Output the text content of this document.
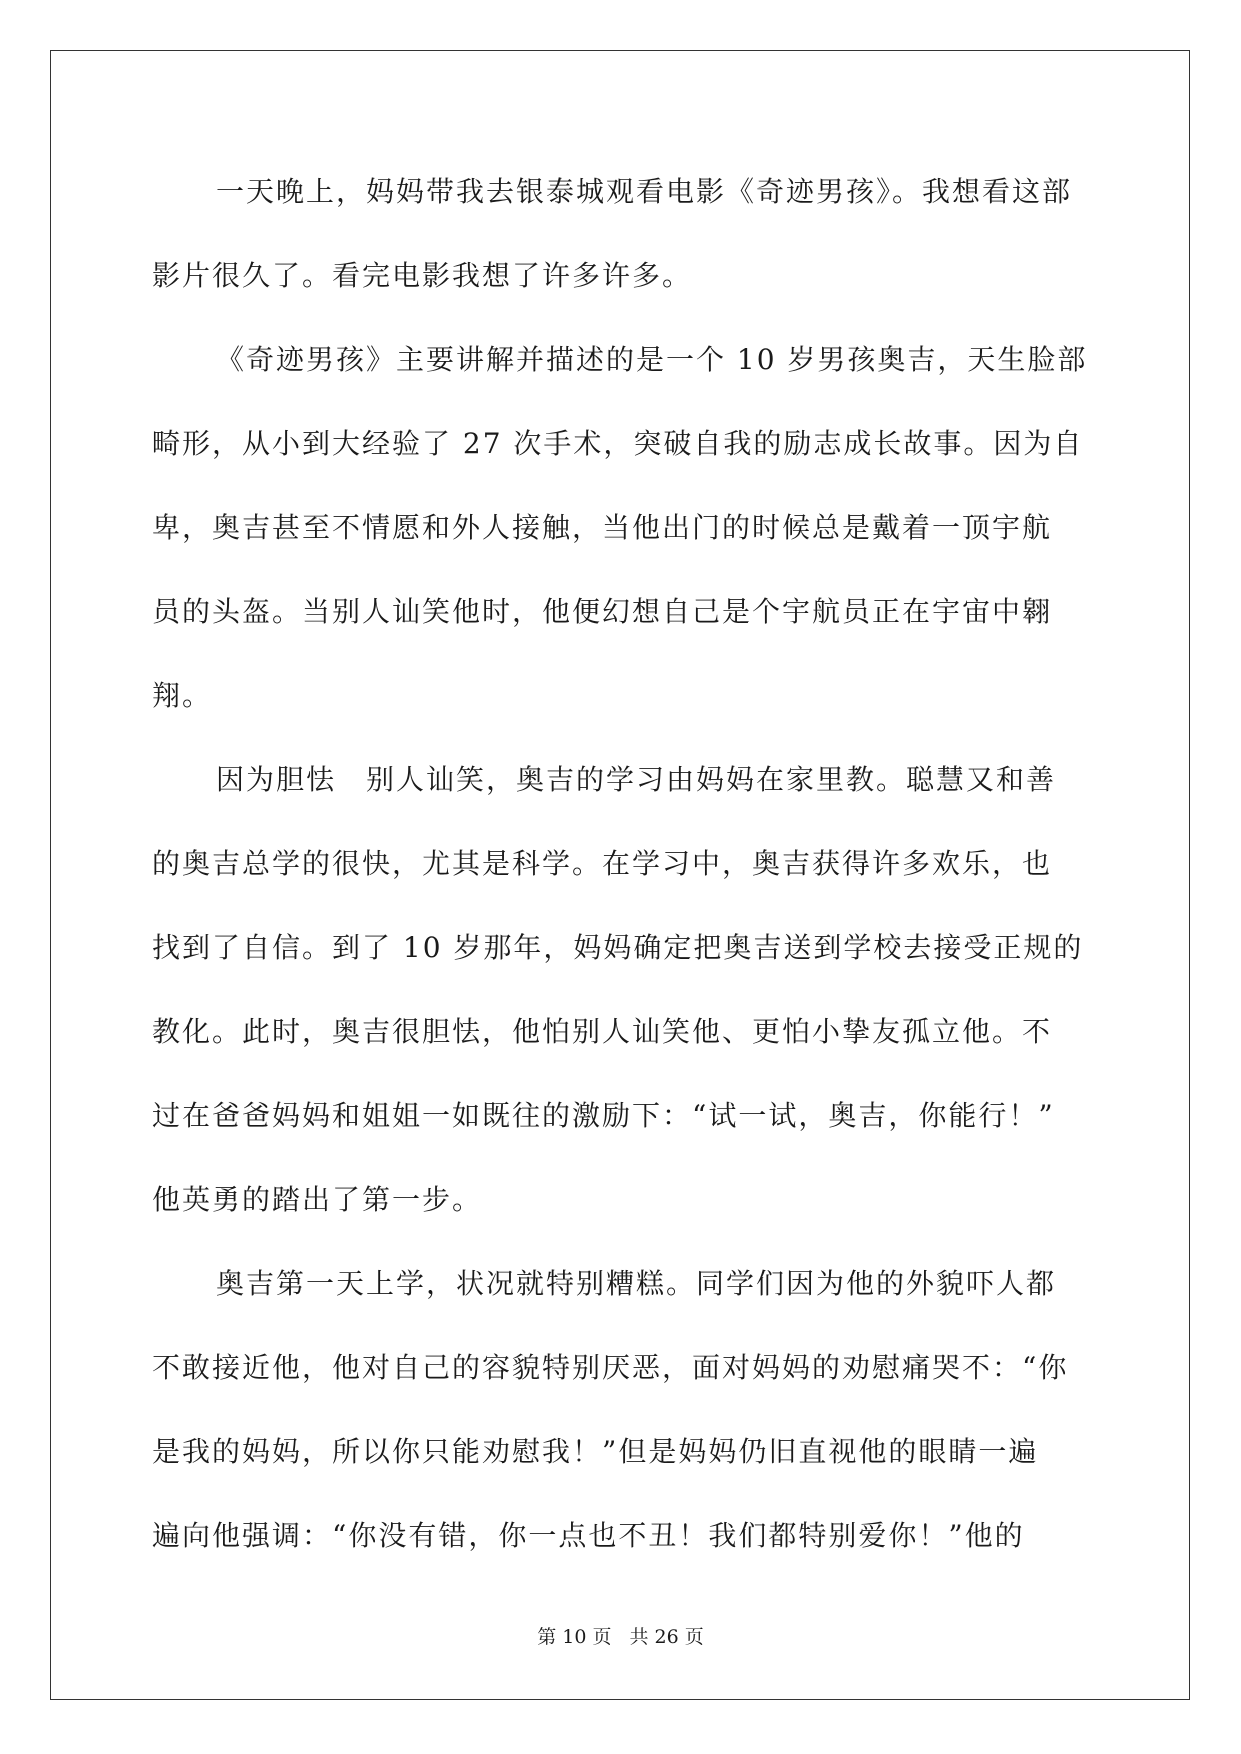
一天晚上，妈妈带我去银泰城观看电影《奇迹男孩》。我想看这部
影片很久了。看完电影我想了许多许多。
《奇迹男孩》主要讲解并描述的是一个 10 岁男孩奥吉，天生脸部
畸形，从小到大经验了 27 次手术，突破自我的励志成长故事。因为自
卑，奥吉甚至不情愿和外人接触，当他出门的时候总是戴着一顶宇航
员的头盔。当别人讪笑他时，他便幻想自己是个宇航员正在宇宙中翱
翔。
因为胆怯　别人讪笑，奥吉的学习由妈妈在家里教。聪慧又和善
的奥吉总学的很快，尤其是科学。在学习中，奥吉获得许多欢乐，也
找到了自信。到了 10 岁那年，妈妈确定把奥吉送到学校去接受正规的
教化。此时，奥吉很胆怯，他怕别人讪笑他、更怕小挚友孤立他。不
过在爸爸妈妈和姐姐一如既往的激励下：“试一试，奥吉，你能行！”
他英勇的踏出了第一步。
奥吉第一天上学，状况就特别糟糕。同学们因为他的外貌吓人都
不敢接近他，他对自己的容貌特别厌恶，面对妈妈的劝慰痛哭不：“你
是我的妈妈，所以你只能劝慰我！”但是妈妈仍旧直视他的眼睛一遍
遍向他强调：“你没有错，你一点也不丑！我们都特别爱你！”他的
第 10 页 共 26 页
